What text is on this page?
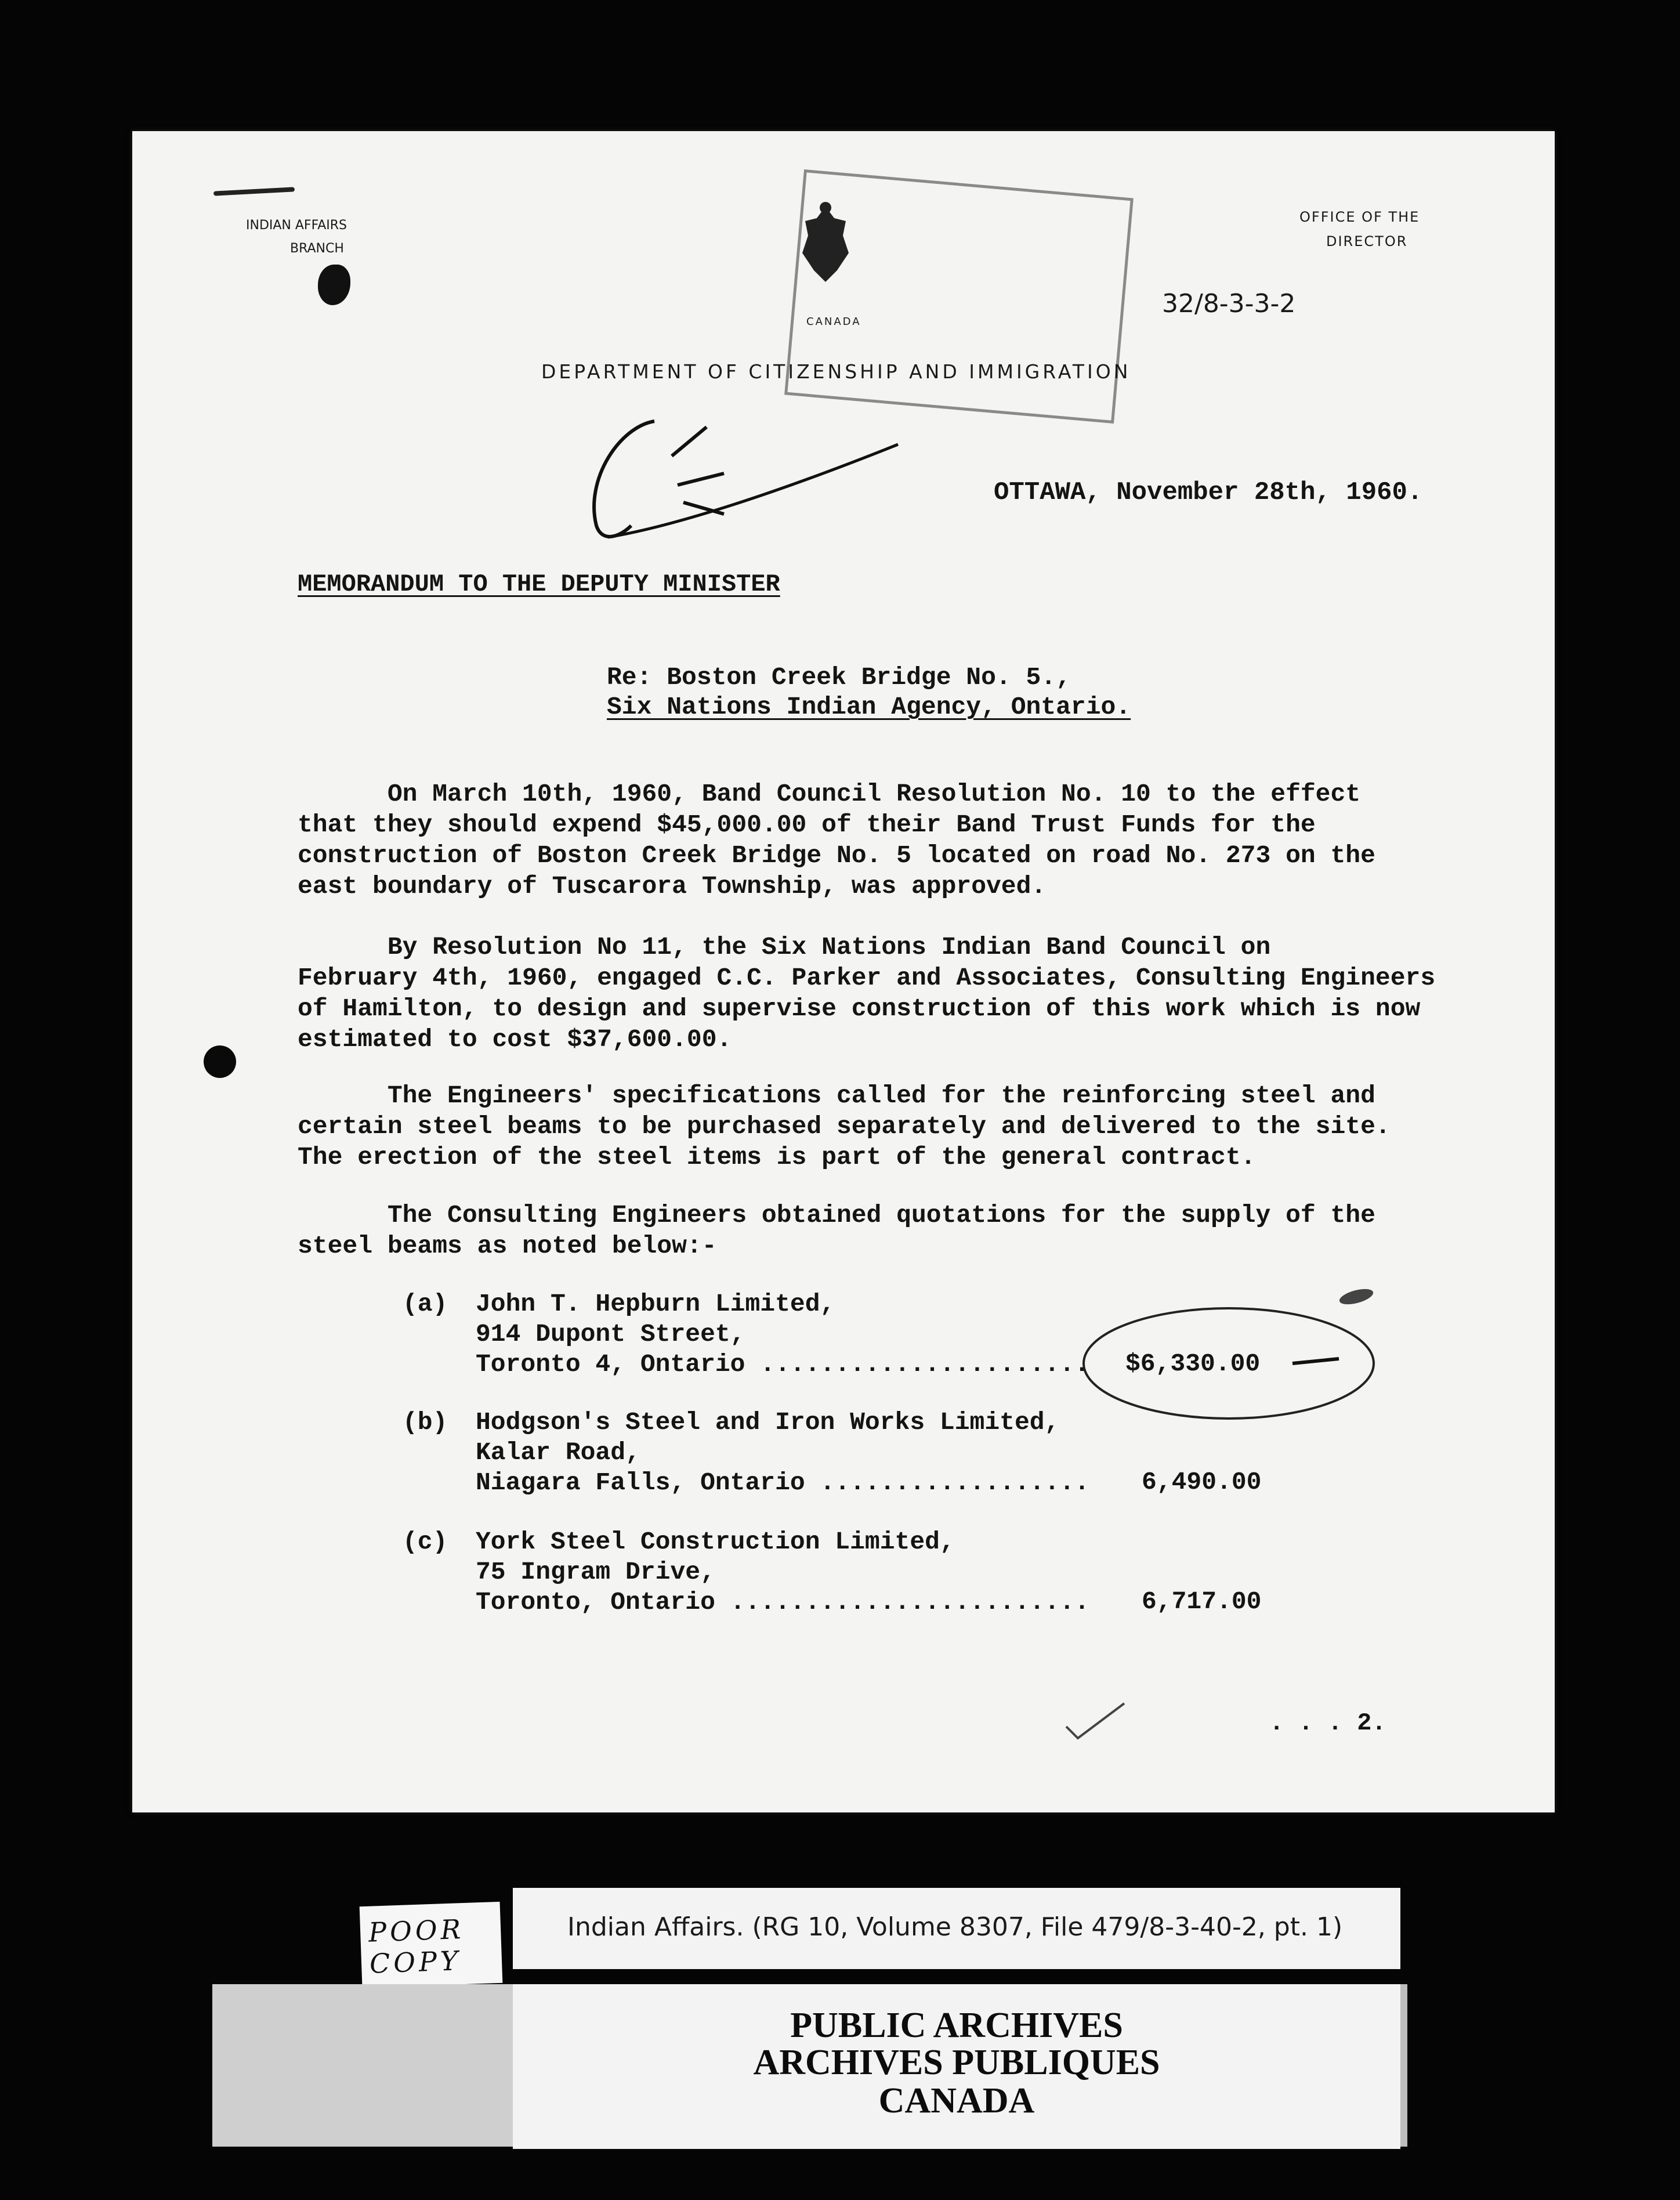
INDIAN AFFAIRS
BRANCH
CANADA
OFFICE OF THE
DIRECTOR
32/8-3-3-2
DEPARTMENT OF CITIZENSHIP AND IMMIGRATION
CE	OTTAWA, November 28th, 1960.
MEMORANDUM TO THE DEPUTY MINISTER
Re: Boston Creek Bridge No. 5.,
Six Nations Indian Agency, Ontario.
On March 10th, 1960, Band Council Resolution No. 10 to the effect
that they should expend $45,000.00 of their Band Trust Funds for the
construction of Boston Creek Bridge No. 5 located on road No. 273 on the
east boundary of Tuscarora Township, was approved.
By Resolution No 11, the Six Nations Indian Band Council on
February 4th, 1960, engaged C.C. Parker and Associates, Consulting Engineers
of Hamilton, to design and supervise construction of this work which is now
estimated to cost $37,600.00.
The Engineers' specifications called for the reinforcing steel and
certain steel beams to be purchased separately and delivered to the site.
The erection of the steel items is part of the general contract.
The Consulting Engineers obtained quotations for the supply of the
steel beams as noted below:-
(a) John T. Hepburn Limited,
914 Dupont Street,
Toronto 4, Ontario ...................... $6,330.00
(b) Hodgson's Steel and Iron Works Limited,
Kalar Road,
Niagara Falls, Ontario .................. 6,490.00
(c) York Steel Construction Limited,
75 Ingram Drive,
Toronto, Ontario ........................ 6,717.00
. . . 2.
POOR COPY
Indian Affairs. (RG 10, Volume 8307, File 479/8-3-40-2, pt. 1)
PUBLIC ARCHIVES
ARCHIVES PUBLIQUES
CANADA
